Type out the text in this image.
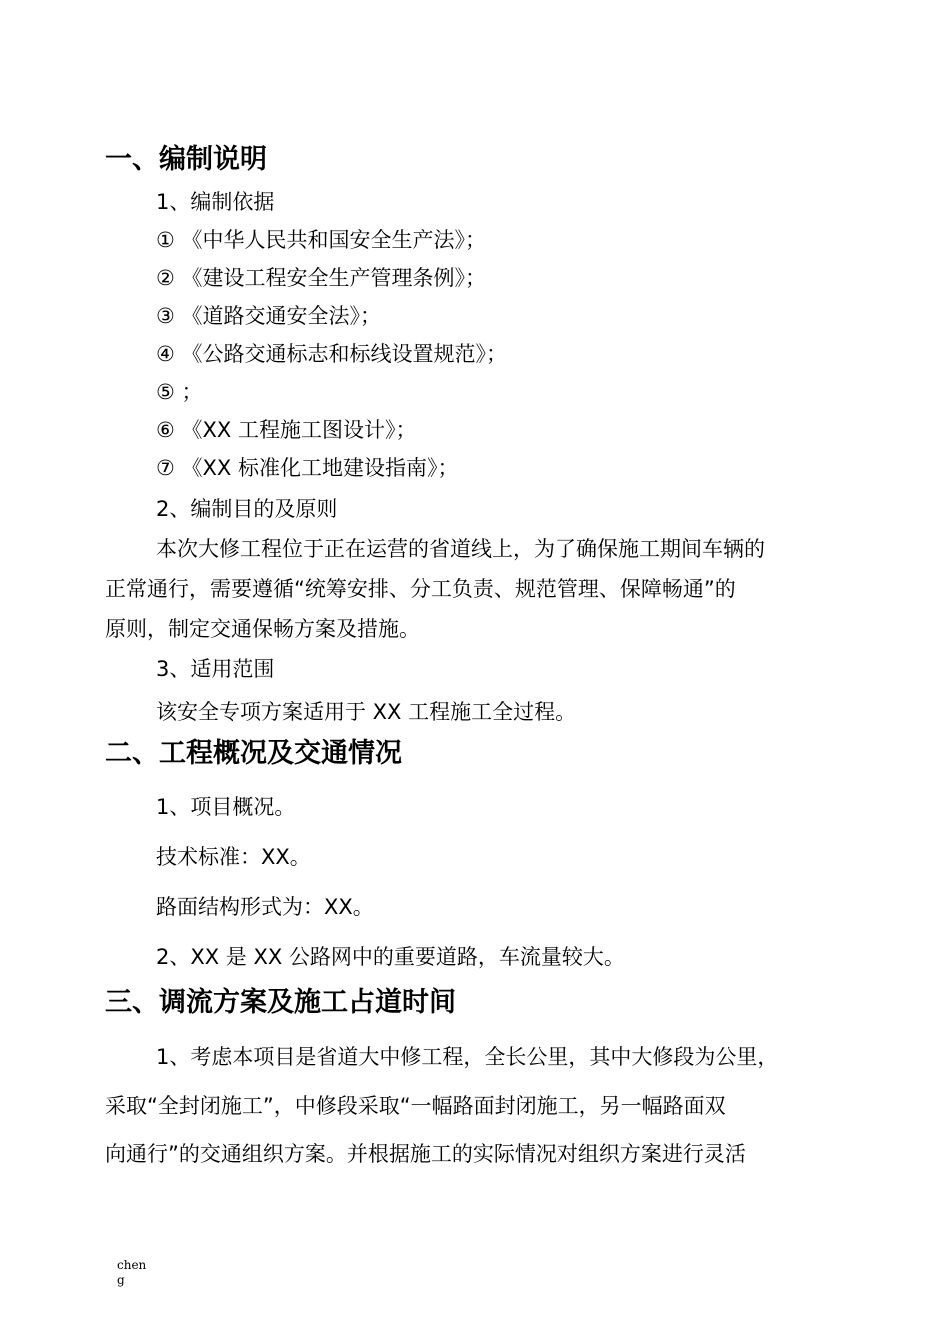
一、编制说明
1、编制依据
① 《中华人民共和国安全生产法》；
② 《建设工程安全生产管理条例》；
③ 《道路交通安全法》；
④ 《公路交通标志和标线设置规范》；
⑤ ；
⑥ 《XX 工程施工图设计》；
⑦ 《XX 标准化工地建设指南》；
2、编制目的及原则
本次大修工程位于正在运营的省道线上，为了确保施工期间车辆的
正常通行，需要遵循“统筹安排、分工负责、规范管理、保障畅通”的
原则，制定交通保畅方案及措施。
3、适用范围
该安全专项方案适用于 XX 工程施工全过程。
二、工程概况及交通情况
1、项目概况。
技术标准：XX。
路面结构形式为：XX。
2、XX 是 XX 公路网中的重要道路，车流量较大。
三、调流方案及施工占道时间
1、考虑本项目是省道大中修工程，全长公里，其中大修段为公里，
采取“全封闭施工”，中修段采取“一幅路面封闭施工，另一幅路面双
向通行”的交通组织方案。并根据施工的实际情况对组织方案进行灵活
cheng
